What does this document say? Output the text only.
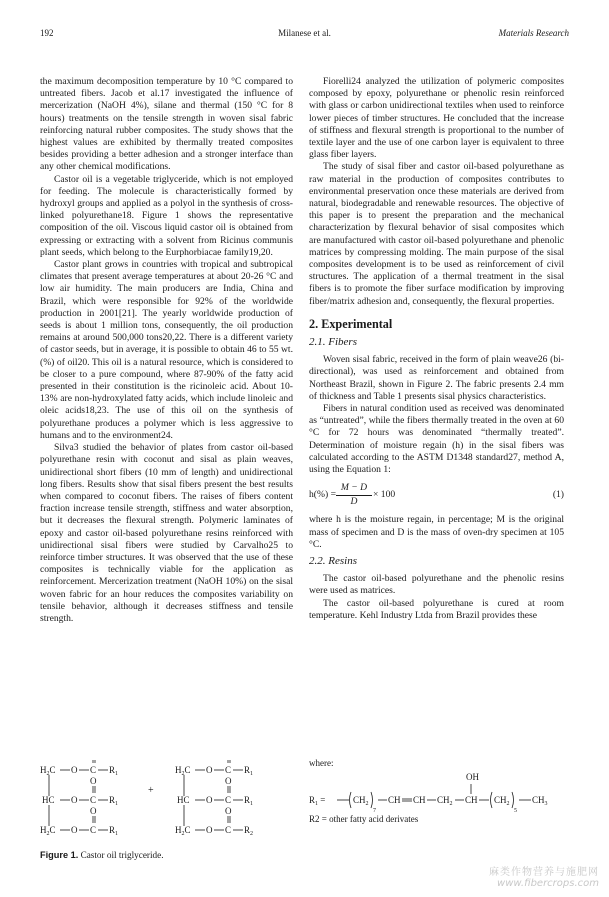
192	Milanese et al.	Materials Research

the maximum decomposition temperature by 10 °C compared to untreated fibers. Jacob et al.17 investigated the influence of mercerization (NaOH 4%), silane and thermal (150 °C for 8 hours) treatments on the tensile strength in woven sisal fabric reinforcing natural rubber composites. The study shows that the highest values are exhibited by thermally treated composites besides providing a better adhesion and a stronger interface than any other chemical modifications.

Castor oil is a vegetable triglyceride, which is not employed for feeding. The molecule is characteristically formed by hydroxyl groups and applied as a polyol in the synthesis of cross-linked polyurethane18. Figure 1 shows the representative composition of the oil. Viscous liquid castor oil is obtained from expressing or extracting with a solvent from Ricinus communis plant seeds, which belong to the Eurphorbiacae family19,20.

Castor plant grows in countries with tropical and subtropical climates that present average temperatures at about 20-26 °C and low air humidity. The main producers are India, China and Brazil, which were responsible for 92% of the worldwide production in 2001[21]. The yearly worldwide production of seeds is about 1 million tons, consequently, the oil production remains at around 500,000 tons20,22. There is a different variety of castor seeds, but in average, it is possible to obtain 46 to 55 wt. (%) of oil20. This oil is a natural resource, which is considered to be closer to a pure compound, where 87-90% of the fatty acid presented in their constitution is the ricinoleic acid. About 10-13% are non-hydroxylated fatty acids, which include linoleic and oleic acids18,23. The use of this oil on the synthesis of polyurethane produces a polymer which is less aggressive to humans and to the environment24.

Silva3 studied the behavior of plates from castor oil-based polyurethane resin with coconut and sisal as plain weaves, unidirectional short fibers (10 mm of length) and unidirectional long fibers. Results show that sisal fibers present the best results when compared to coconut fibers. The raises of fibers content fraction increase tensile strength, stiffness and water absorption, but it decreases the flexural strength. Polymeric laminates of epoxy and castor oil-based polyurethane resins reinforced with unidirectional sisal fibers were studied by Carvalho25 to reinforce timber structures. It was observed that the use of these composites is technically viable for the application as reinforcement. Mercerization treatment (NaOH 10%) on the sisal woven fabric for an hour reduces the composites variability on tensile behavior, although it decreases stiffness and tensile strength.

Fiorelli24 analyzed the utilization of polymeric composites composed by epoxy, polyurethane or phenolic resin reinforced with glass or carbon unidirectional textiles when used to reinforce lower pieces of timber structures. He concluded that the increase of stiffness and flexural strength is proportional to the number of textile layer and the use of one carbon layer is equivalent to three glass fiber layers.

The study of sisal fiber and castor oil-based polyurethane as raw material in the production of composites contributes to environmental preservation once these materials are derived from natural, biodegradable and renewable resources. The objective of this paper is to present the preparation and the mechanical characterization by flexural behavior of sisal composites which are manufactured with castor oil-based polyurethane and phenolic matrices by compressing molding. The main purpose of the sisal composites development is to be used as reinforcement of civil structures. The application of a thermal treatment in the sisal fibers is to promote the fiber surface modification by improving fiber/matrix adhesion and, consequently, the flexural properties.

2. Experimental
2.1. Fibers

Woven sisal fabric, received in the form of plain weave26 (bi-directional), was used as reinforcement and obtained from Northeast Brazil, shown in Figure 2. The fabric presents 2.4 mm of thickness and Table 1 presents sisal physics characteristics.

Fibers in natural condition used as received was denominated as “untreated”, while the fibers thermally treated in the oven at 60 °C for 72 hours was denominated “thermally treated”. Determination of moisture regain (h) in the sisal fibers was calculated according to the ASTM D1348 standard27, method A, using the Equation 1:

$h(\%) = \frac{M - D}{D} \times 100$	(1)

where h is the moisture regain, in percentage; M is the original mass of specimen and D is the mass of oven-dry specimen at 105 °C.

2.2. Resins

The castor oil-based polyurethane and the phenolic resins were used as matrices.

The castor oil-based polyurethane is cured at room temperature. Kehl Industry Ltda from Brazil provides these

$H_2C$ O C $R_1$
HC O C
O
$R_1$
$H_2C$ O C
O
$R_1$
$H_2C$ O C $R_1$
HC O C
O
$R_1$
$H_2C$ O C
O
$R_2$
+
where:
$R_1$ =	$CH_2$
7
CH CH $CH_2$ CH
OH
$CH_2$
5
$CH_3$
R2 = other fatty acid derivates
Figure 1. Castor oil triglyceride.
麻类作物营养与施肥网
www.fibercrops.com
